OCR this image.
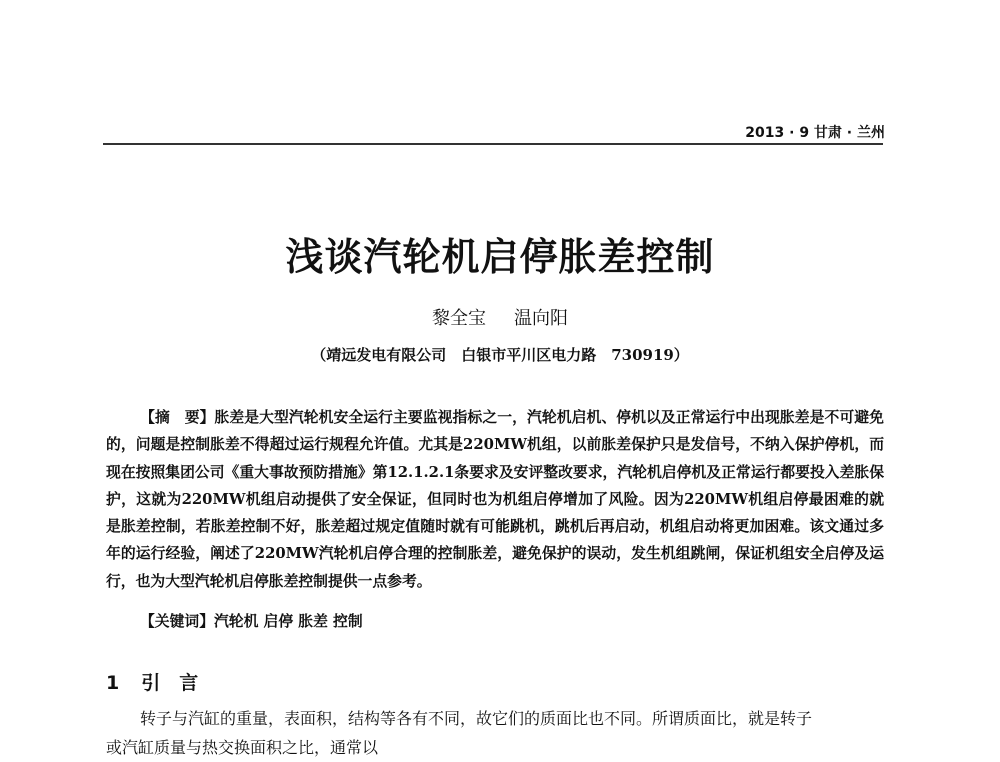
2013 · 9 甘肃 · 兰州
浅谈汽轮机启停胀差控制
黎全宝 温向阳
（靖远发电有限公司　白银市平川区电力路　730919）
【摘　要】胀差是大型汽轮机安全运行主要监视指标之一，汽轮机启机、停机以及正常运行中出现胀差是不可避免的，问题是控制胀差不得超过运行规程允许值。尤其是220MW机组，以前胀差保护只是发信号，不纳入保护停机，而现在按照集团公司《重大事故预防措施》第12.1.2.1条要求及安评整改要求，汽轮机启停机及正常运行都要投入差胀保护，这就为220MW机组启动提供了安全保证，但同时也为机组启停增加了风险。因为220MW机组启停最困难的就是胀差控制，若胀差控制不好，胀差超过规定值随时就有可能跳机，跳机后再启动，机组启动将更加困难。该文通过多年的运行经验，阐述了220MW汽轮机启停合理的控制胀差，避免保护的误动，发生机组跳闸，保证机组安全启停及运行，也为大型汽轮机启停胀差控制提供一点参考。
【关键词】汽轮机 启停 胀差 控制
1 引　言
转子与汽缸的重量，表面积，结构等各有不同，故它们的质面比也不同。所谓质面比，就是转子
或汽缸质量与热交换面积之比，通常以
